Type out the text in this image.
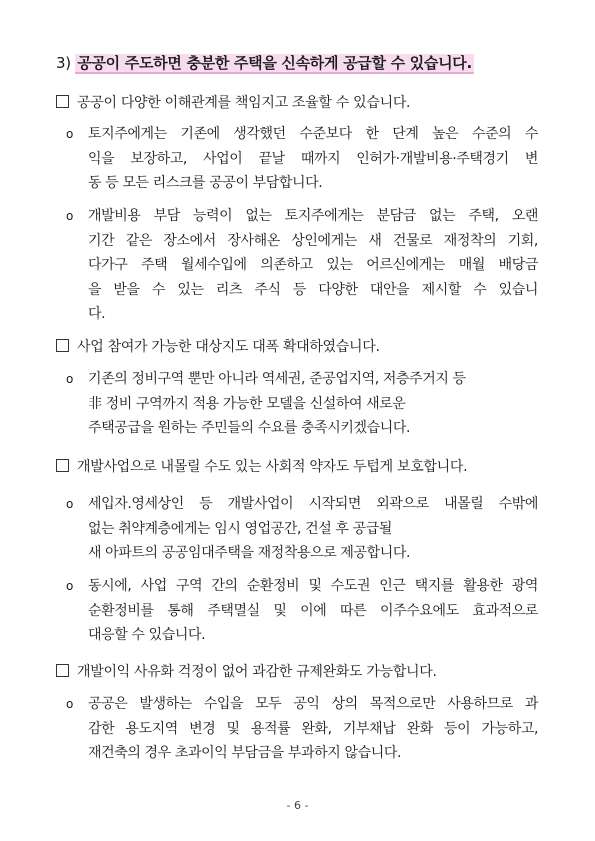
3) 공공이 주도하면 충분한 주택을 신속하게 공급할 수 있습니다.
공공이 다양한 이해관계를 책임지고 조율할 수 있습니다.
o 토지주에게는 기존에 생각했던 수준보다 한 단계 높은 수준의 수
익을 보장하고, 사업이 끝날 때까지 인허가·개발비용·주택경기 변
동 등 모든 리스크를 공공이 부담합니다.
o 개발비용 부담 능력이 없는 토지주에게는 분담금 없는 주택, 오랜
기간 같은 장소에서 장사해온 상인에게는 새 건물로 재정착의 기회,
다가구 주택 월세수입에 의존하고 있는 어르신에게는 매월 배당금
을 받을 수 있는 리츠 주식 등 다양한 대안을 제시할 수 있습니
다.
사업 참여가 가능한 대상지도 대폭 확대하였습니다.
o 기존의 정비구역 뿐만 아니라 역세권, 준공업지역, 저층주거지 등
非 정비 구역까지 적용 가능한 모델을 신설하여 새로운
주택공급을 원하는 주민들의 수요를 충족시키겠습니다.
개발사업으로 내몰릴 수도 있는 사회적 약자도 두텁게 보호합니다.
o 세입자.영세상인 등 개발사업이 시작되면 외곽으로 내몰릴 수밖에
없는 취약계층에게는 임시 영업공간, 건설 후 공급될
새 아파트의 공공임대주택을 재정착용으로 제공합니다.
o 동시에, 사업 구역 간의 순환정비 및 수도권 인근 택지를 활용한 광역
순환정비를 통해 주택멸실 및 이에 따른 이주수요에도 효과적으로
대응할 수 있습니다.
개발이익 사유화 걱정이 없어 과감한 규제완화도 가능합니다.
o 공공은 발생하는 수입을 모두 공익 상의 목적으로만 사용하므로 과
감한 용도지역 변경 및 용적률 완화, 기부채납 완화 등이 가능하고,
재건축의 경우 초과이익 부담금을 부과하지 않습니다.
- 6 -
